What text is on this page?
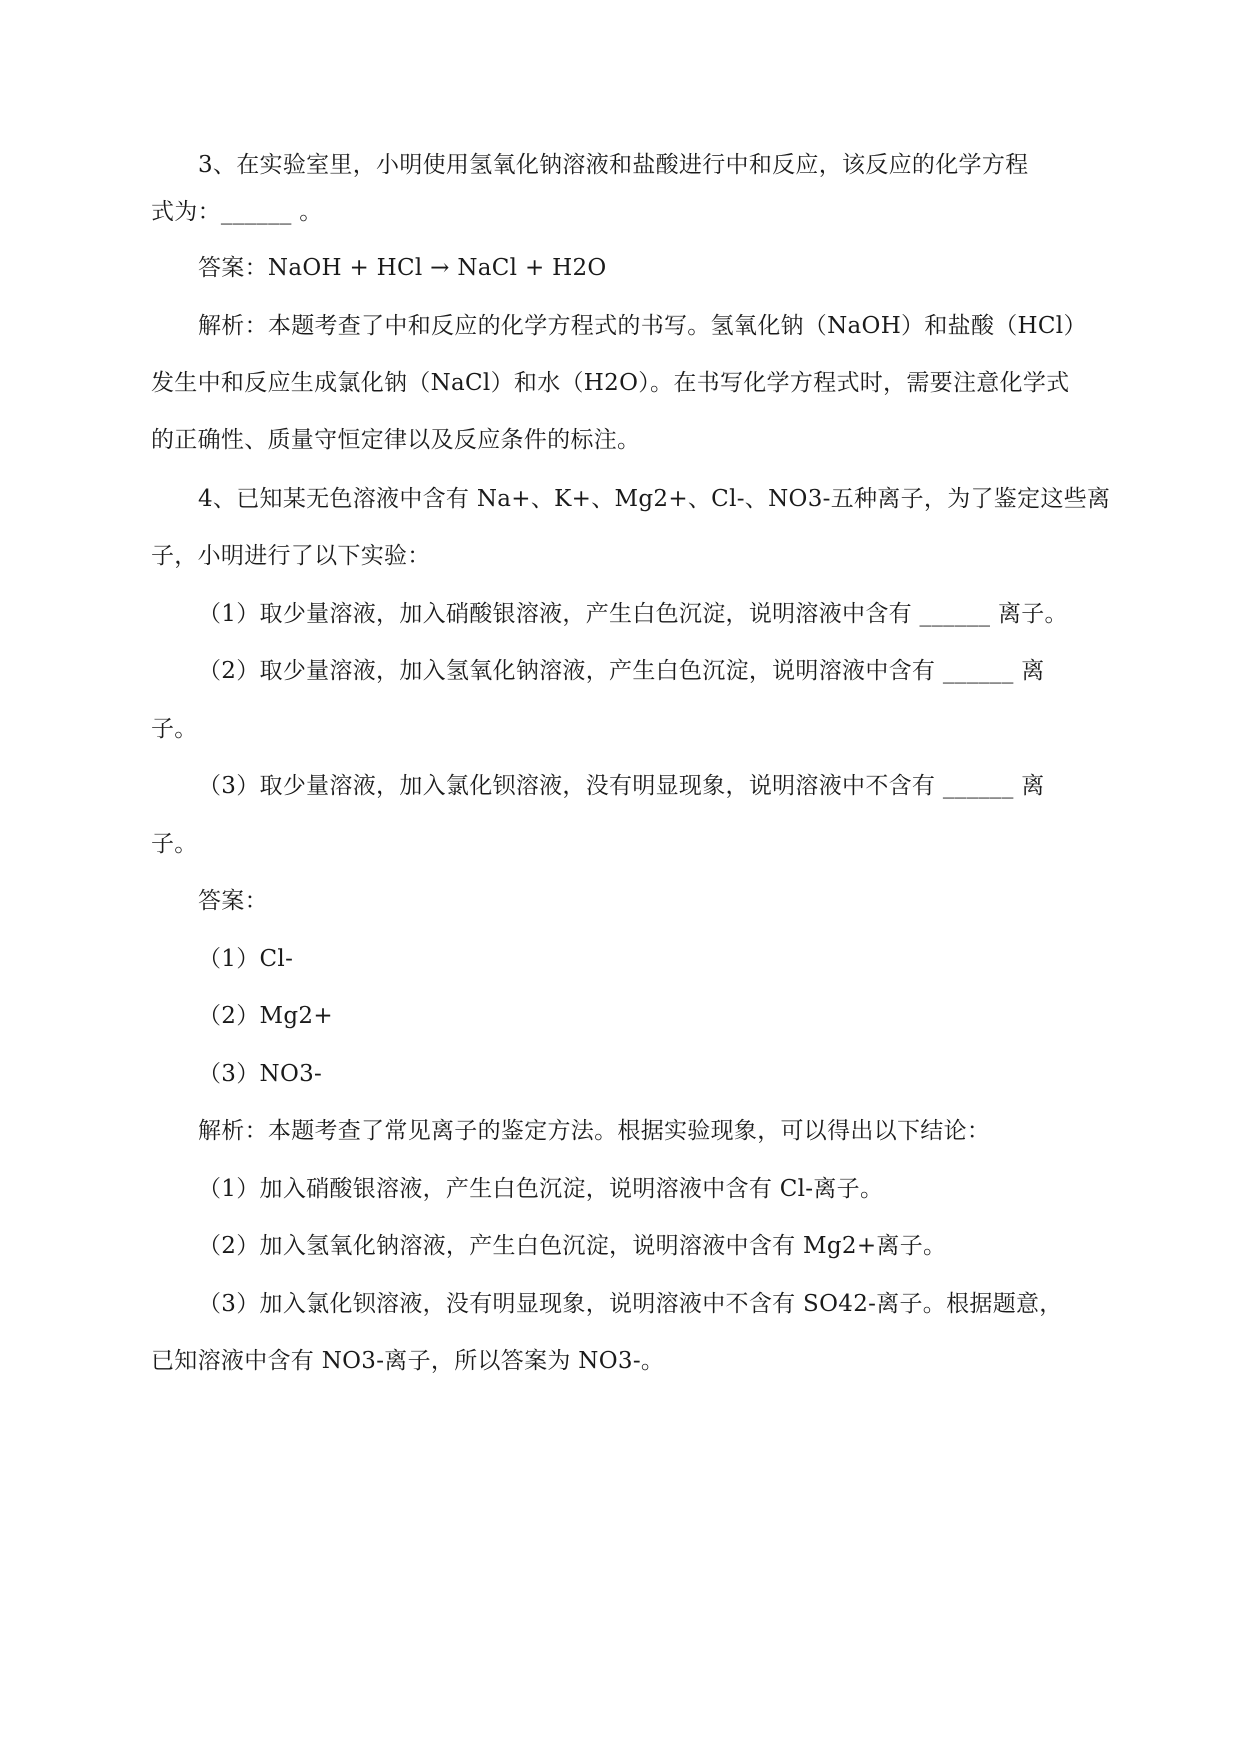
3、在实验室里，小明使用氢氧化钠溶液和盐酸进行中和反应，该反应的化学方程
式为：______ 。
答案：NaOH + HCl → NaCl + H2O
解析：本题考查了中和反应的化学方程式的书写。氢氧化钠（NaOH）和盐酸（HCl）
发生中和反应生成氯化钠（NaCl）和水（H2O）。在书写化学方程式时，需要注意化学式
的正确性、质量守恒定律以及反应条件的标注。
4、已知某无色溶液中含有 Na+、K+、Mg2+、Cl-、NO3-五种离子，为了鉴定这些离
子，小明进行了以下实验：
（1）取少量溶液，加入硝酸银溶液，产生白色沉淀，说明溶液中含有 ______ 离子。
（2）取少量溶液，加入氢氧化钠溶液，产生白色沉淀，说明溶液中含有 ______ 离
子。
（3）取少量溶液，加入氯化钡溶液，没有明显现象，说明溶液中不含有 ______ 离
子。
答案：
（1）Cl-
（2）Mg2+
（3）NO3-
解析：本题考查了常见离子的鉴定方法。根据实验现象，可以得出以下结论：
（1）加入硝酸银溶液，产生白色沉淀，说明溶液中含有 Cl-离子。
（2）加入氢氧化钠溶液，产生白色沉淀，说明溶液中含有 Mg2+离子。
（3）加入氯化钡溶液，没有明显现象，说明溶液中不含有 SO42-离子。根据题意，
已知溶液中含有 NO3-离子，所以答案为 NO3-。
